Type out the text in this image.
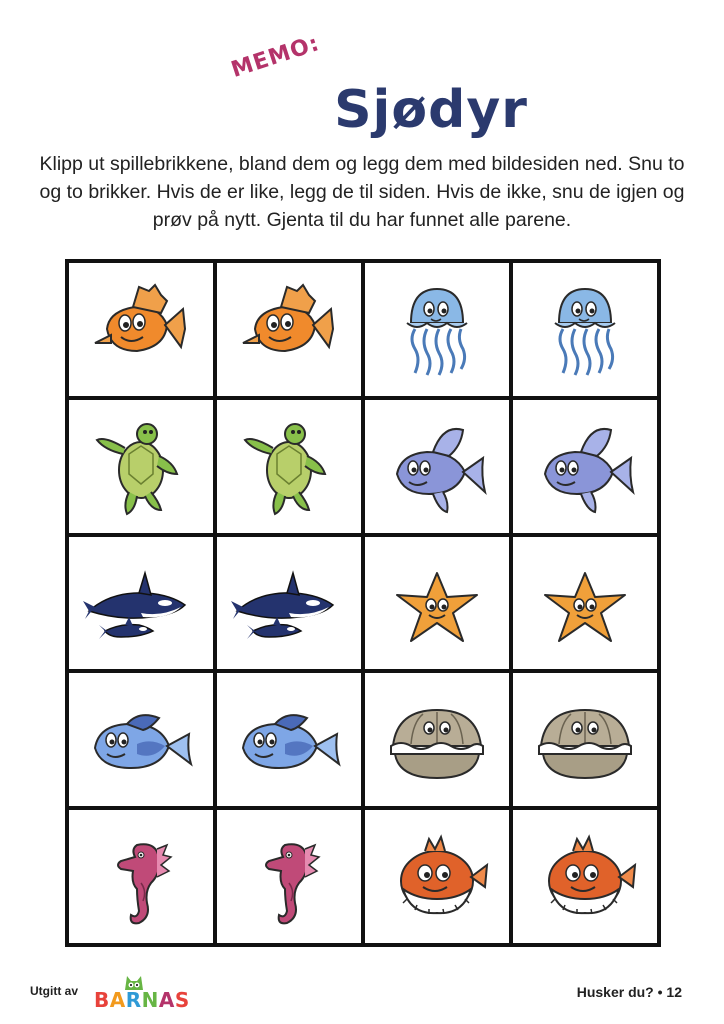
MEMO:
Sjødyr
Klipp ut spillebrikkene, bland dem og legg dem med bildesiden ned. Snu to og to brikker. Hvis de er like, legg de til siden. Hvis de ikke, snu de igjen og prøv på nytt. Gjenta til du har funnet alle parene.
Utgitt av BARNAS	Husker du? • 12
